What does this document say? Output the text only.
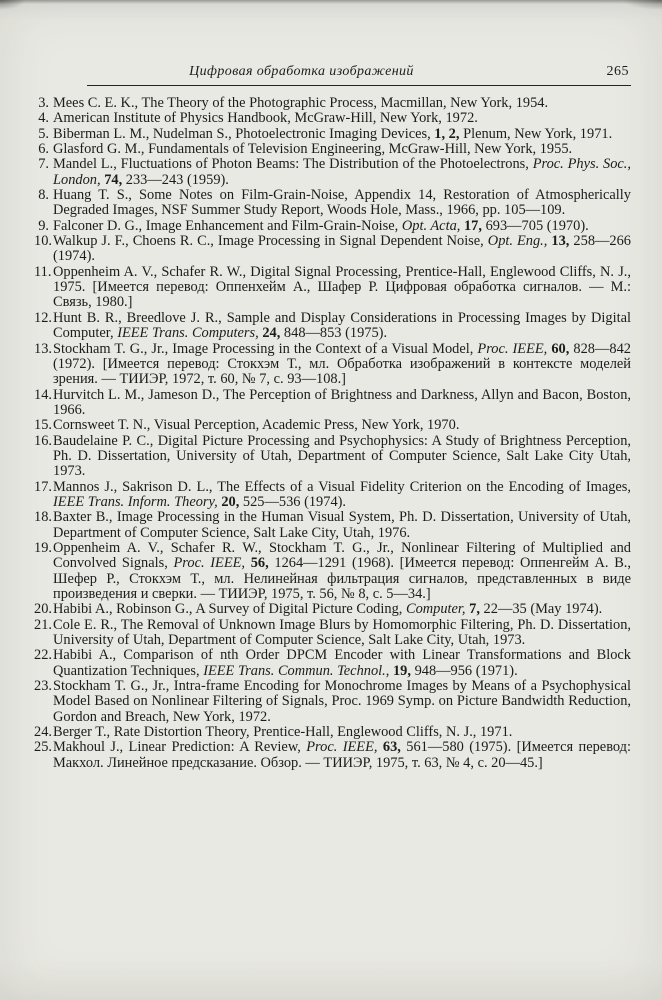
Цифровая обработка изображений	265
3. Mees C. E. K., The Theory of the Photographic Process, Macmillan, New York, 1954.
4. American Institute of Physics Handbook, McGraw-Hill, New York, 1972.
5. Biberman L. M., Nudelman S., Photoelectronic Imaging Devices, 1, 2, Plenum, New York, 1971.
6. Glasford G. M., Fundamentals of Television Engineering, McGraw-Hill, New York, 1955.
7. Mandel L., Fluctuations of Photon Beams: The Distribution of the Photoelectrons, Proc. Phys. Soc., London, 74, 233—243 (1959).
8. Huang T. S., Some Notes on Film-Grain-Noise, Appendix 14, Restoration of Atmospherically Degraded Images, NSF Summer Study Report, Woods Hole, Mass., 1966, pp. 105—109.
9. Falconer D. G., Image Enhancement and Film-Grain-Noise, Opt. Acta, 17, 693—705 (1970).
10. Walkup J. F., Choens R. C., Image Processing in Signal Dependent Noise, Opt. Eng., 13, 258—266 (1974).
11. Oppenheim A. V., Schafer R. W., Digital Signal Processing, Prentice-Hall, Englewood Cliffs, N. J., 1975. [Имеется перевод: Оппенхейм А., Шафер Р. Цифровая обработка сигналов. — М.: Связь, 1980.]
12. Hunt B. R., Breedlove J. R., Sample and Display Considerations in Processing Images by Digital Computer, IEEE Trans. Computers, 24, 848—853 (1975).
13. Stockham T. G., Jr., Image Processing in the Context of a Visual Model, Proc. IEEE, 60, 828—842 (1972). [Имеется перевод: Стокхэм Т., мл. Обработка изображений в контексте моделей зрения. — ТИИЭР, 1972, т. 60, № 7, с. 93—108.]
14. Hurvitch L. M., Jameson D., The Perception of Brightness and Darkness, Allyn and Bacon, Boston, 1966.
15. Cornsweet T. N., Visual Perception, Academic Press, New York, 1970.
16. Baudelaine P. C., Digital Picture Processing and Psychophysics: A Study of Brightness Perception, Ph. D. Dissertation, University of Utah, Department of Computer Science, Salt Lake City Utah, 1973.
17. Mannos J., Sakrison D. L., The Effects of a Visual Fidelity Criterion on the Encoding of Images, IEEE Trans. Inform. Theory, 20, 525—536 (1974).
18. Baxter B., Image Processing in the Human Visual System, Ph. D. Dissertation, University of Utah, Department of Computer Science, Salt Lake City, Utah, 1976.
19. Oppenheim A. V., Schafer R. W., Stockham T. G., Jr., Nonlinear Filtering of Multiplied and Convolved Signals, Proc. IEEE, 56, 1264—1291 (1968). [Имеется перевод: Оппенгейм А. В., Шефер Р., Стокхэм Т., мл. Нелинейная фильтрация сигналов, представленных в виде произведения и сверки. — ТИИЭР, 1975, т. 56, № 8, с. 5—34.]
20. Habibi A., Robinson G., A Survey of Digital Picture Coding, Computer, 7, 22—35 (May 1974).
21. Cole E. R., The Removal of Unknown Image Blurs by Homomorphic Filtering, Ph. D. Dissertation, University of Utah, Department of Computer Science, Salt Lake City, Utah, 1973.
22. Habibi A., Comparison of nth Order DPCM Encoder with Linear Transformations and Block Quantization Techniques, IEEE Trans. Commun. Technol., 19, 948—956 (1971).
23. Stockham T. G., Jr., Intra-frame Encoding for Monochrome Images by Means of a Psychophysical Model Based on Nonlinear Filtering of Signals, Proc. 1969 Symp. on Picture Bandwidth Reduction, Gordon and Breach, New York, 1972.
24. Berger T., Rate Distortion Theory, Prentice-Hall, Englewood Cliffs, N. J., 1971.
25. Makhoul J., Linear Prediction: A Review, Proc. IEEE, 63, 561—580 (1975). [Имеется перевод: Макхол. Линейное предсказание. Обзор. — ТИИЭР, 1975, т. 63, № 4, с. 20—45.]
